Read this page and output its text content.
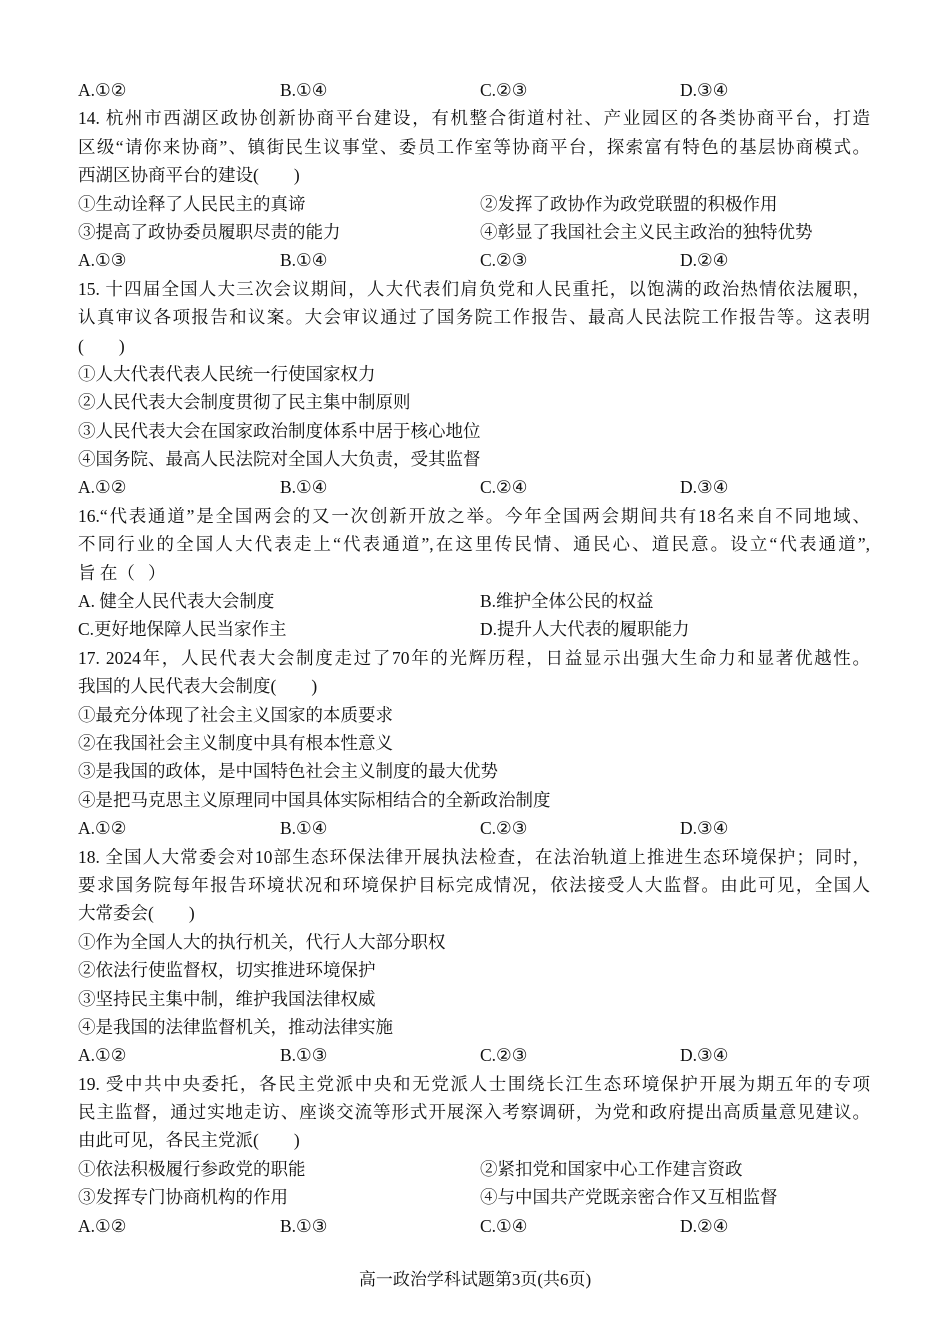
A.①②	B.①④	C.②③	D.③④
14. 杭州市西湖区政协创新协商平台建设，有机整合街道村社、产业园区的各类协商平台，打造
区级“请你来协商”、镇街民生议事堂、委员工作室等协商平台，探索富有特色的基层协商模式。
西湖区协商平台的建设(        )
①生动诠释了人民民主的真谛	②发挥了政协作为政党联盟的积极作用
③提高了政协委员履职尽责的能力	④彰显了我国社会主义民主政治的独特优势
A.①③	B.①④	C.②③	D.②④
15. 十四届全国人大三次会议期间，人大代表们肩负党和人民重托，以饱满的政治热情依法履职，
认真审议各项报告和议案。大会审议通过了国务院工作报告、最高人民法院工作报告等。这表明
(        )
①人大代表代表人民统一行使国家权力
②人民代表大会制度贯彻了民主集中制原则
③人民代表大会在国家政治制度体系中居于核心地位
④国务院、最高人民法院对全国人大负责，受其监督
A.①②	B.①④	C.②④	D.③④
16.“代表通道”是全国两会的又一次创新开放之举。今年全国两会期间共有18名来自不同地域、
不同行业的全国人大代表走上“代表通道”,在这里传民情、通民心、道民意。设立“代表通道”,
旨 在（   ）
A. 健全人民代表大会制度	B.维护全体公民的权益
C.更好地保障人民当家作主	D.提升人大代表的履职能力
17. 2024年，人民代表大会制度走过了70年的光辉历程，日益显示出强大生命力和显著优越性。
我国的人民代表大会制度(        )
①最充分体现了社会主义国家的本质要求
②在我国社会主义制度中具有根本性意义
③是我国的政体，是中国特色社会主义制度的最大优势
④是把马克思主义原理同中国具体实际相结合的全新政治制度
A.①②	B.①④	C.②③	D.③④
18. 全国人大常委会对10部生态环保法律开展执法检查，在法治轨道上推进生态环境保护；同时，
要求国务院每年报告环境状况和环境保护目标完成情况，依法接受人大监督。由此可见，全国人
大常委会(        )
①作为全国人大的执行机关，代行人大部分职权
②依法行使监督权，切实推进环境保护
③坚持民主集中制，维护我国法律权威
④是我国的法律监督机关，推动法律实施
A.①②	B.①③	C.②③	D.③④
19. 受中共中央委托，各民主党派中央和无党派人士围绕长江生态环境保护开展为期五年的专项
民主监督，通过实地走访、座谈交流等形式开展深入考察调研，为党和政府提出高质量意见建议。
由此可见，各民主党派(        )
①依法积极履行参政党的职能	②紧扣党和国家中心工作建言资政
③发挥专门协商机构的作用	④与中国共产党既亲密合作又互相监督
A.①②	B.①③	C.①④	D.②④
高一政治学科试题第3页(共6页)
